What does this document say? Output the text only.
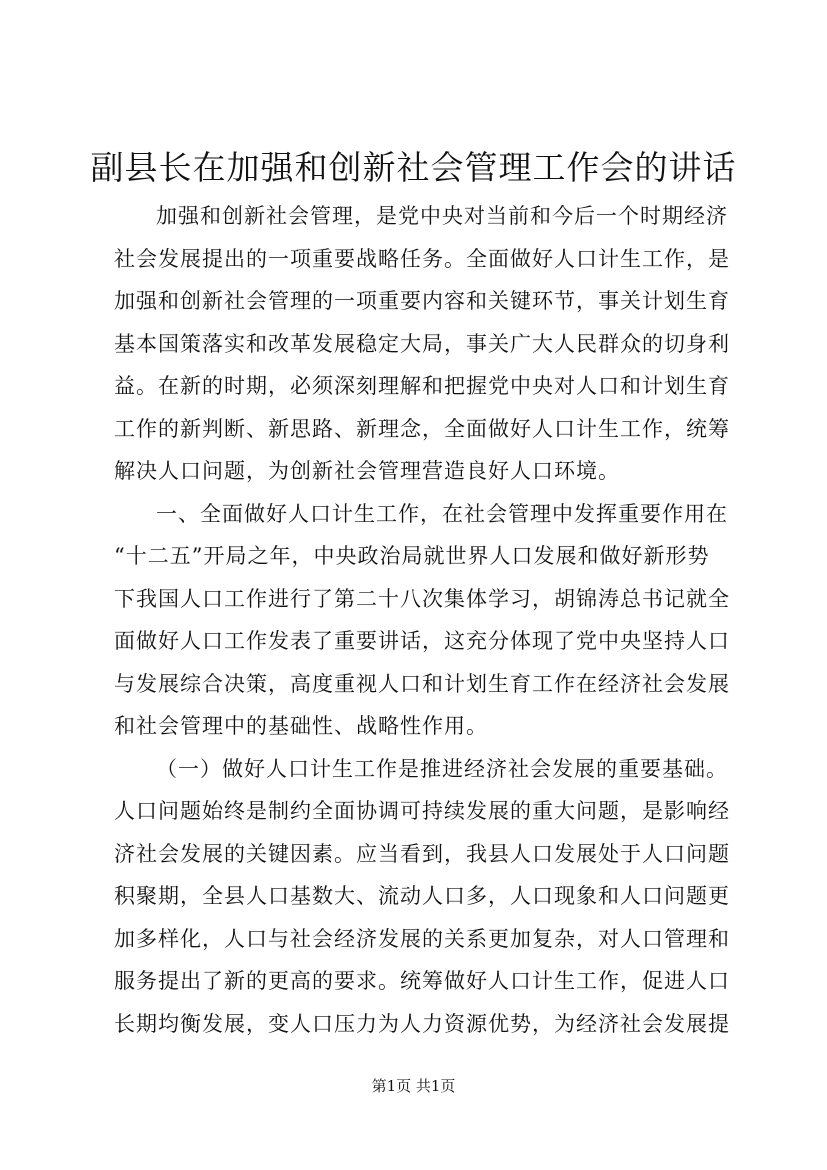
副县长在加强和创新社会管理工作会的讲话
加强和创新社会管理，是党中央对当前和今后一个时期经济
社会发展提出的一项重要战略任务。全面做好人口计生工作，是
加强和创新社会管理的一项重要内容和关键环节，事关计划生育
基本国策落实和改革发展稳定大局，事关广大人民群众的切身利
益。在新的时期，必须深刻理解和把握党中央对人口和计划生育
工作的新判断、新思路、新理念，全面做好人口计生工作，统筹
解决人口问题，为创新社会管理营造良好人口环境。
一、全面做好人口计生工作，在社会管理中发挥重要作用在
“十二五”开局之年，中央政治局就世界人口发展和做好新形势
下我国人口工作进行了第二十八次集体学习，胡锦涛总书记就全
面做好人口工作发表了重要讲话，这充分体现了党中央坚持人口
与发展综合决策，高度重视人口和计划生育工作在经济社会发展
和社会管理中的基础性、战略性作用。
（一）做好人口计生工作是推进经济社会发展的重要基础。
人口问题始终是制约全面协调可持续发展的重大问题，是影响经
济社会发展的关键因素。应当看到，我县人口发展处于人口问题
积聚期，全县人口基数大、流动人口多，人口现象和人口问题更
加多样化，人口与社会经济发展的关系更加复杂，对人口管理和
服务提出了新的更高的要求。统筹做好人口计生工作，促进人口
长期均衡发展，变人口压力为人力资源优势，为经济社会发展提
第1页 共1页
